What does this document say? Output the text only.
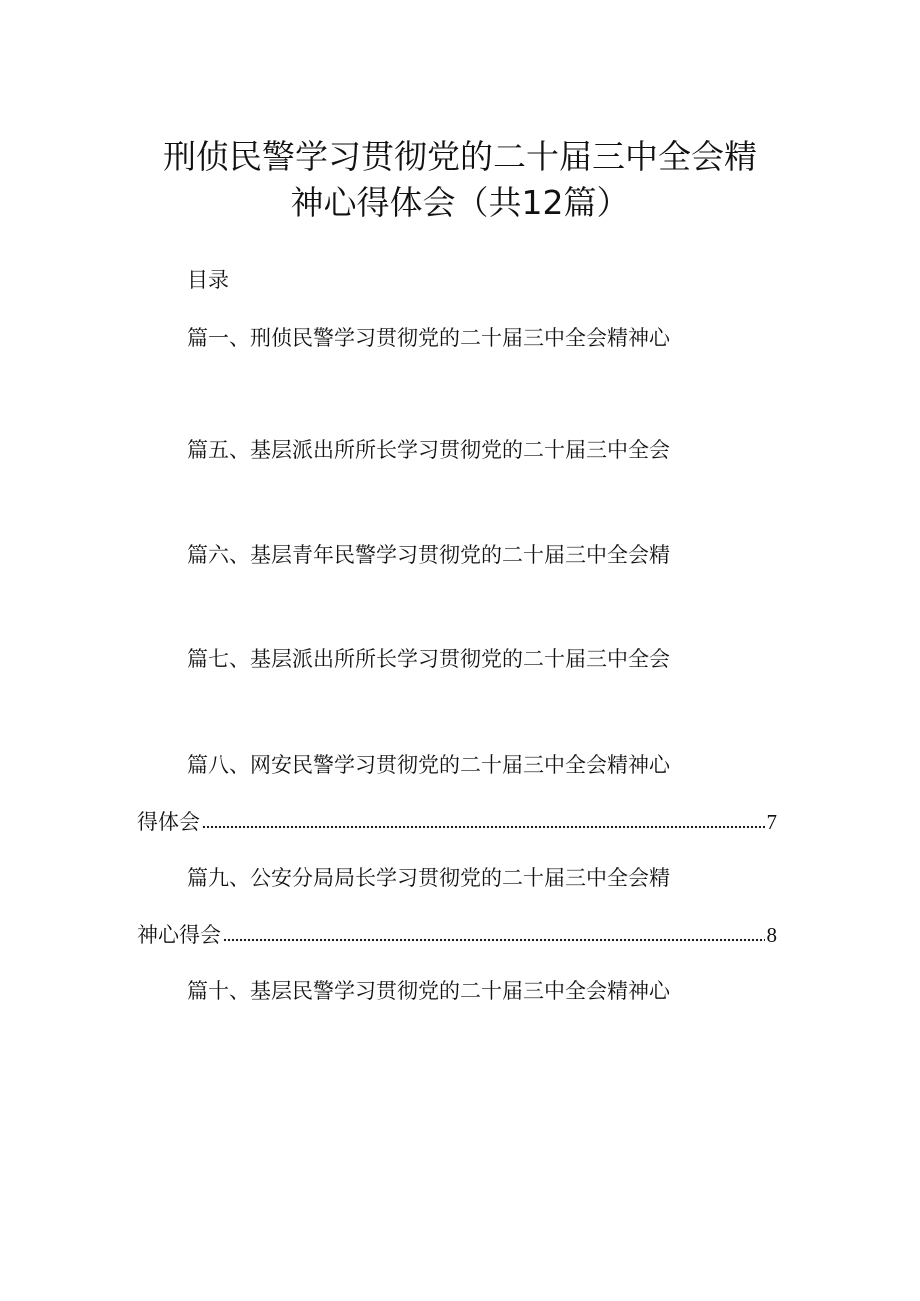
刑侦民警学习贯彻党的二十届三中全会精
神心得体会（共12篇）
目录
篇一、刑侦民警学习贯彻党的二十届三中全会精神心
篇五、基层派出所所长学习贯彻党的二十届三中全会
篇六、基层青年民警学习贯彻党的二十届三中全会精
篇七、基层派出所所长学习贯彻党的二十届三中全会
篇八、网安民警学习贯彻党的二十届三中全会精神心
得体会	7
篇九、公安分局局长学习贯彻党的二十届三中全会精
神心得会	8
篇十、基层民警学习贯彻党的二十届三中全会精神心
